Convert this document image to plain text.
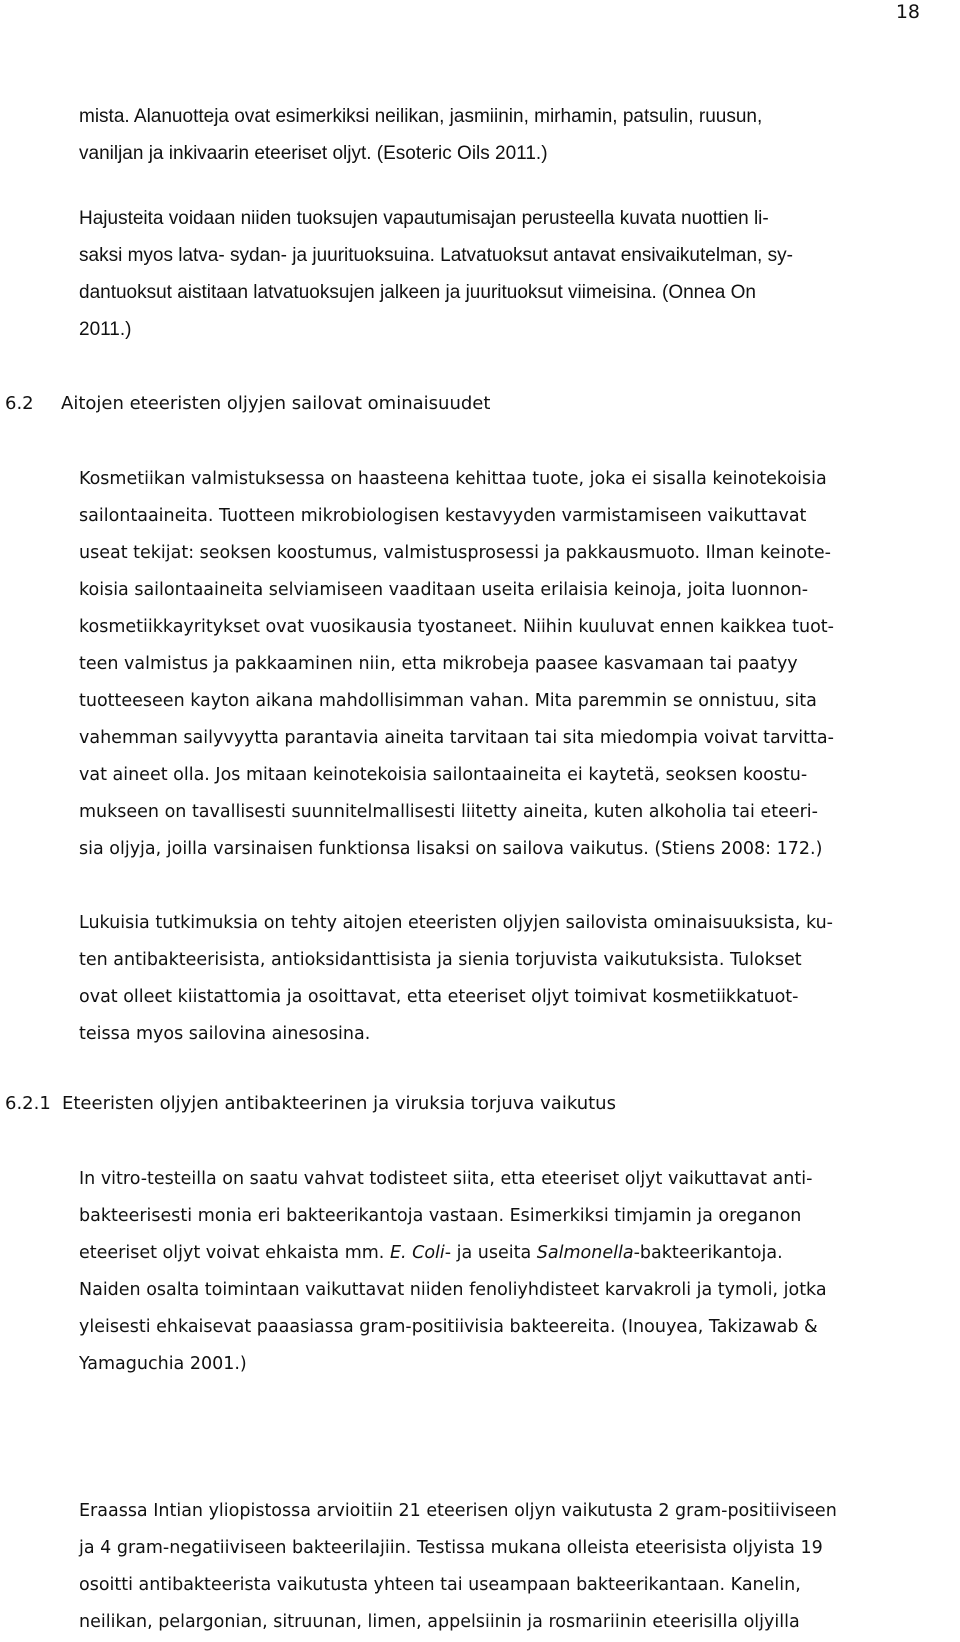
18

mista. Alanuotteja ovat esimerkiksi neilikan, jasmiinin, mirhamin, patsulin, ruusun,
vaniljan ja inkivaarin eteeriset oljyt. (Esoteric Oils 2011.)

Hajusteita voidaan niiden tuoksujen vapautumisajan perusteella kuvata nuottien li-
saksi myos latva- sydan- ja juurituoksuina. Latvatuoksut antavat ensivaikutelman, sy-
dantuoksut aistitaan latvatuoksujen jalkeen ja juurituoksut viimeisina. (Onnea On
2011.)

6.2 Aitojen eteeristen oljyjen sailovat ominaisuudet

Kosmetiikan valmistuksessa on haasteena kehittaa tuote, joka ei sisalla keinotekoisia
sailontaaineita. Tuotteen mikrobiologisen kestavyyden varmistamiseen vaikuttavat
useat tekijat: seoksen koostumus, valmistusprosessi ja pakkausmuoto. Ilman keinote-
koisia sailontaaineita selviamiseen vaaditaan useita erilaisia keinoja, joita luonnon-
kosmetiikkayritykset ovat vuosikausia tyostaneet. Niihin kuuluvat ennen kaikkea tuot-
teen valmistus ja pakkaaminen niin, etta mikrobeja paasee kasvamaan tai paatyy
tuotteeseen kayton aikana mahdollisimman vahan. Mita paremmin se onnistuu, sita
vahemman sailyvyytta parantavia aineita tarvitaan tai sita miedompia voivat tarvitta-
vat aineet olla. Jos mitaan keinotekoisia sailontaaineita ei kaytetä, seoksen koostu-
mukseen on tavallisesti suunnitelmallisesti liitetty aineita, kuten alkoholia tai eteeri-
sia oljyja, joilla varsinaisen funktionsa lisaksi on sailova vaikutus. (Stiens 2008: 172.)

Lukuisia tutkimuksia on tehty aitojen eteeristen oljyjen sailovista ominaisuuksista, ku-
ten antibakteerisista, antioksidanttisista ja sienia torjuvista vaikutuksista. Tulokset
ovat olleet kiistattomia ja osoittavat, etta eteeriset oljyt toimivat kosmetiikkatuot-
teissa myos sailovina ainesosina.

6.2.1 Eteeristen oljyjen antibakteerinen ja viruksia torjuva vaikutus

In vitro-testeilla on saatu vahvat todisteet siita, etta eteeriset oljyt vaikuttavat anti-
bakteerisesti monia eri bakteerikantoja vastaan. Esimerkiksi timjamin ja oreganon
eteeriset oljyt voivat ehkaista mm. E. Coli- ja useita Salmonella-bakteerikantoja.
Naiden osalta toimintaan vaikuttavat niiden fenoliyhdisteet karvakroli ja tymoli, jotka
yleisesti ehkaisevat paaasiassa gram-positiivisia bakteereita. (Inouyea, Takizawab &
Yamaguchia 2001.)

Eraassa Intian yliopistossa arvioitiin 21 eteerisen oljyn vaikutusta 2 gram-positiiviseen
ja 4 gram-negatiiviseen bakteerilajiin. Testissa mukana olleista eteerisista oljyista 19
osoitti antibakteerista vaikutusta yhteen tai useampaan bakteerikantaan. Kanelin,
neilikan, pelargonian, sitruunan, limen, appelsiinin ja rosmariinin eteerisilla oljyilla
